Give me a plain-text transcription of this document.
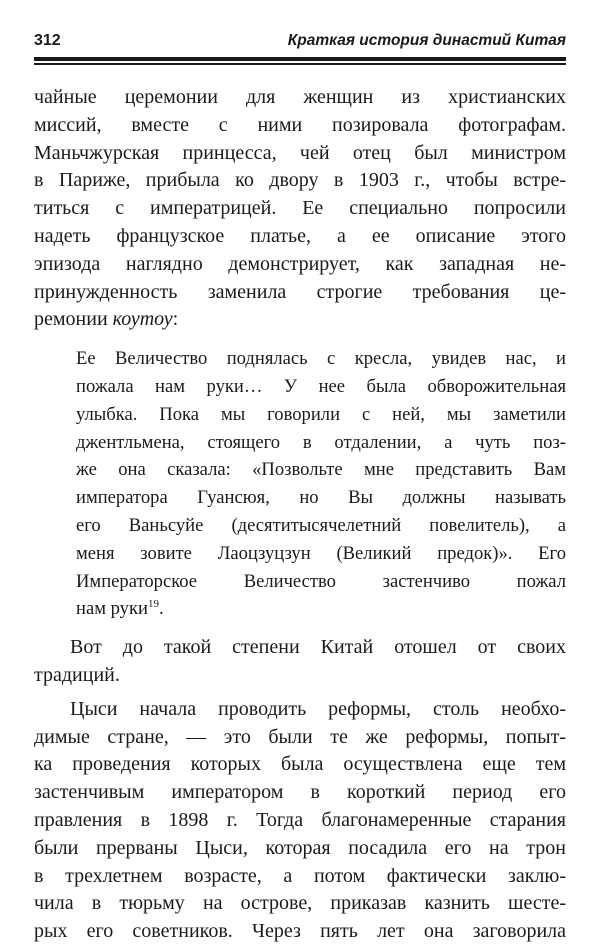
312	Краткая история династий Китая
чайные церемонии для женщин из христианских
миссий, вместе с ними позировала фотографам.
Маньчжурская принцесса, чей отец был министром
в Париже, прибыла ко двору в 1903 г., чтобы встре-
титься с императрицей. Ее специально попросили
надеть французское платье, а ее описание этого
эпизода наглядно демонстрирует, как западная не-
принужденность заменила строгие требования це-
ремонии коутоу:
Ее Величество поднялась с кресла, увидев нас, и
пожала нам руки… У нее была обворожительная
улыбка. Пока мы говорили с ней, мы заметили
джентльмена, стоящего в отдалении, а чуть поз-
же она сказала: «Позвольте мне представить Вам
императора Гуансюя, но Вы должны называть
его Ваньсуйе (десятитысячелетний повелитель), а
меня зовите Лаоцзуцзун (Великий предок)». Его
Императорское Величество застенчиво пожал
нам руки$^{19}$.
Вот до такой степени Китай отошел от своих
традиций.
Цыси начала проводить реформы, столь необхо-
димые стране, — это были те же реформы, попыт-
ка проведения которых была осуществлена еще тем
застенчивым императором в короткий период его
правления в 1898 г. Тогда благонамеренные старания
были прерваны Цыси, которая посадила его на трон
в трехлетнем возрасте, а потом фактически заклю-
чила в тюрьму на острове, приказав казнить шесте-
рых его советников. Через пять лет она заговорила
